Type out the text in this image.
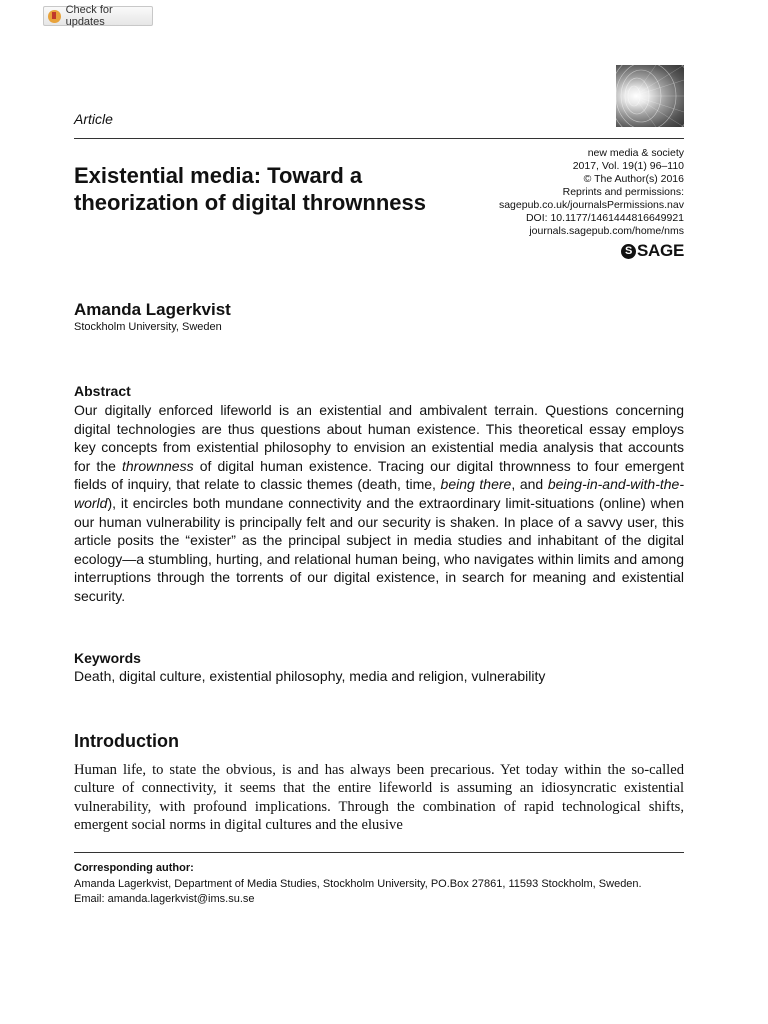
Check for updates
Article
Existential media: Toward a theorization of digital thrownness
new media & society
2017, Vol. 19(1) 96–110
© The Author(s) 2016
Reprints and permissions:
sagepub.co.uk/journalsPermissions.nav
DOI: 10.1177/1461444816649921
journals.sagepub.com/home/nms
S SAGE
Amanda Lagerkvist
Stockholm University, Sweden
Abstract
Our digitally enforced lifeworld is an existential and ambivalent terrain. Questions concerning digital technologies are thus questions about human existence. This theoretical essay employs key concepts from existential philosophy to envision an existential media analysis that accounts for the thrownness of digital human existence. Tracing our digital thrownness to four emergent fields of inquiry, that relate to classic themes (death, time, being there, and being-in-and-with-the-world), it encircles both mundane connectivity and the extraordinary limit-situations (online) when our human vulnerability is principally felt and our security is shaken. In place of a savvy user, this article posits the “exister” as the principal subject in media studies and inhabitant of the digital ecology—a stumbling, hurting, and relational human being, who navigates within limits and among interruptions through the torrents of our digital existence, in search for meaning and existential security.
Keywords
Death, digital culture, existential philosophy, media and religion, vulnerability
Introduction
Human life, to state the obvious, is and has always been precarious. Yet today within the so-called culture of connectivity, it seems that the entire lifeworld is assuming an idiosyncratic existential vulnerability, with profound implications. Through the combination of rapid technological shifts, emergent social norms in digital cultures and the elusive
Corresponding author:
Amanda Lagerkvist, Department of Media Studies, Stockholm University, PO.Box 27861, 11593 Stockholm, Sweden.
Email: amanda.lagerkvist@ims.su.se
